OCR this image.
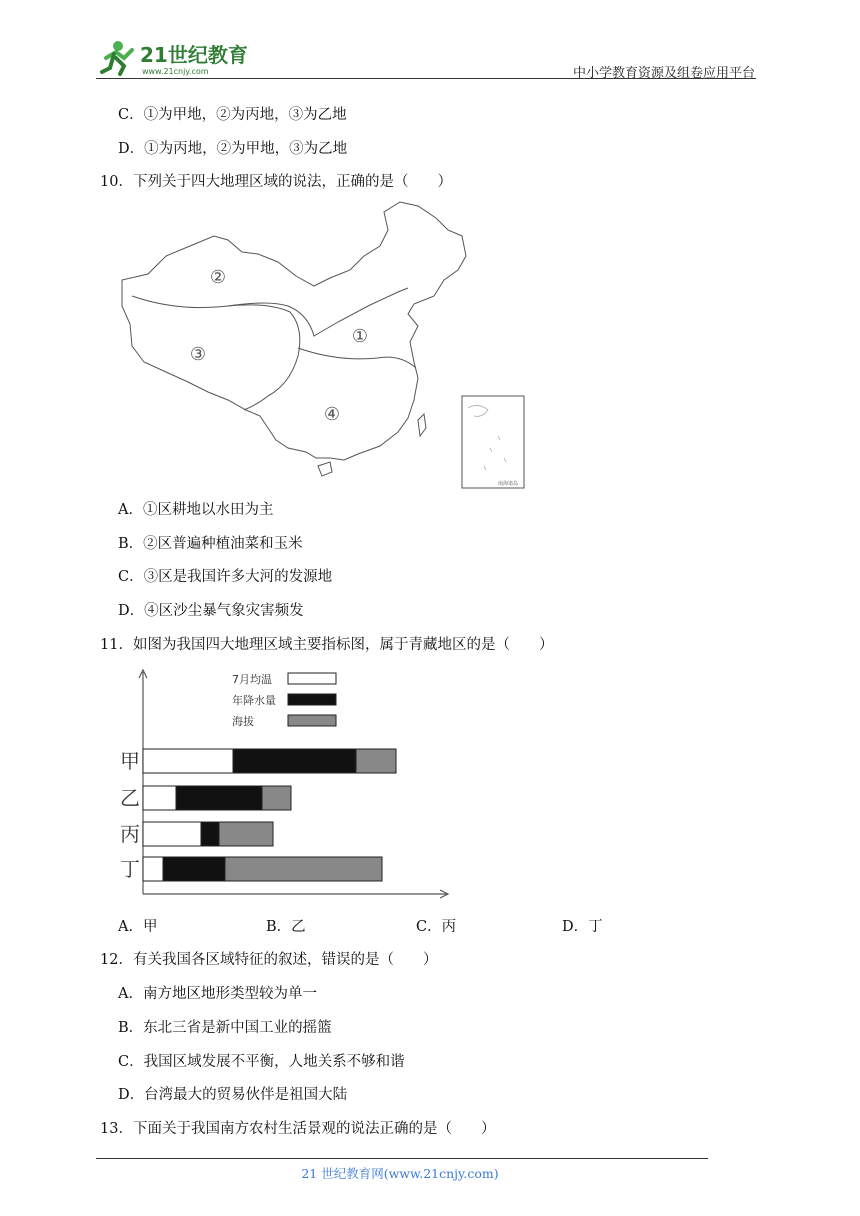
21世纪教育
www.21cnjy.com	中小学教育资源及组卷应用平台
C．①为甲地，②为丙地，③为乙地
D．①为丙地，②为甲地，③为乙地
10．下列关于四大地理区域的说法，正确的是（　　）
②
①
③
④
南海诸岛
A．①区耕地以水田为主
B．②区普遍种植油菜和玉米
C．③区是我国许多大河的发源地
D．④区沙尘暴气象灾害频发
11．如图为我国四大地理区域主要指标图，属于青藏地区的是（　　）
7月均温
年降水量
海拔
甲
乙
丙
丁
A．甲	B．乙	C．丙	D．丁
12．有关我国各区域特征的叙述，错误的是（　　）
A．南方地区地形类型较为单一
B．东北三省是新中国工业的摇篮
C．我国区域发展不平衡，人地关系不够和谐
D．台湾最大的贸易伙伴是祖国大陆
13．下面关于我国南方农村生活景观的说法正确的是（　　）
21 世纪教育网(www.21cnjy.com)
